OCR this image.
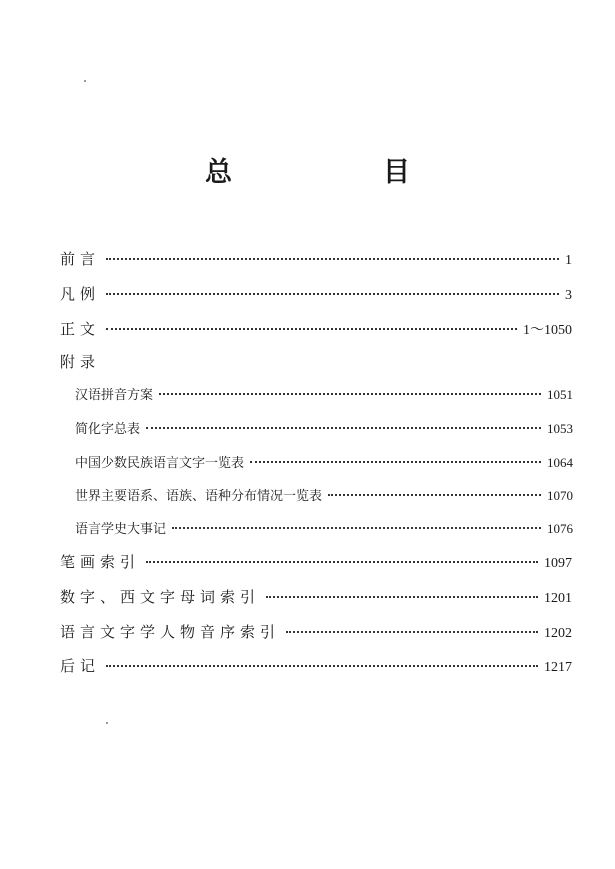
总　目
前言	1
凡例	3
正文	1～1050
附录
汉语拼音方案	1051
简化字总表	1053
中国少数民族语言文字一览表	1064
世界主要语系、语族、语种分布情况一览表	1070
语言学史大事记	1076
笔画索引	1097
数字、西文字母词索引	1201
语言文字学人物音序索引	1202
后记	1217
